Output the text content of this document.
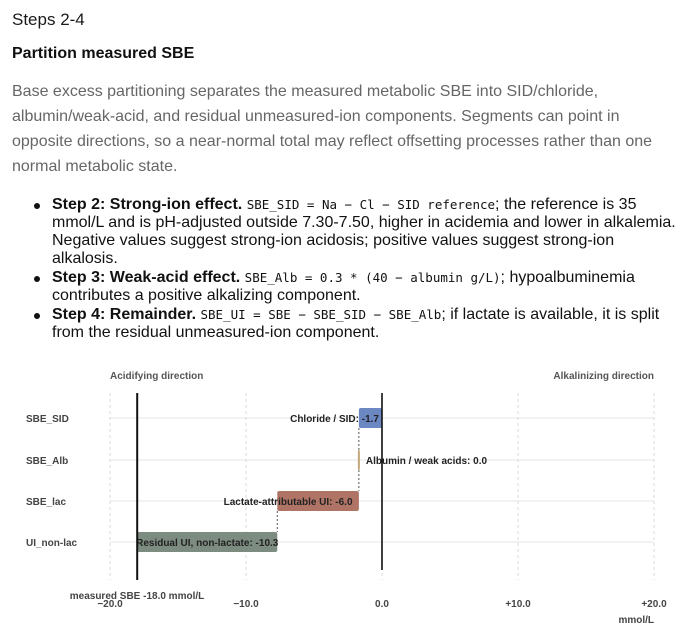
Steps 2-4
Partition measured SBE

Base excess partitioning separates the measured metabolic SBE into SID/chloride, albumin/weak-acid, and residual unmeasured-ion components. Segments can point in opposite directions, so a near-normal total may reflect offsetting processes rather than one normal metabolic state.

Step 2: Strong-ion effect. SBE_SID = Na − Cl − SID reference; the reference is 35 mmol/L and is pH-adjusted outside 7.30-7.50, higher in acidemia and lower in alkalemia. Negative values suggest strong-ion acidosis; positive values suggest strong-ion alkalosis.
Step 3: Weak-acid effect. SBE_Alb = 0.3 * (40 − albumin g/L); hypoalbuminemia contributes a positive alkalizing component.
Step 4: Remainder. SBE_UI = SBE − SBE_SID − SBE_Alb; if lactate is available, it is split from the residual unmeasured-ion component.
Acidifying direction	Alkalinizing direction
Chloride / SID: -1.7
Albumin / weak acids: 0.0
Lactate-attributable UI: -6.0
Residual UI, non-lactate: -10.3
SBE_SID
SBE_Alb
SBE_lac
UI_non-lac
−20.0	−10.0	0.0	+10.0	+20.0
measured SBE -18.0 mmol/L
mmol/L
